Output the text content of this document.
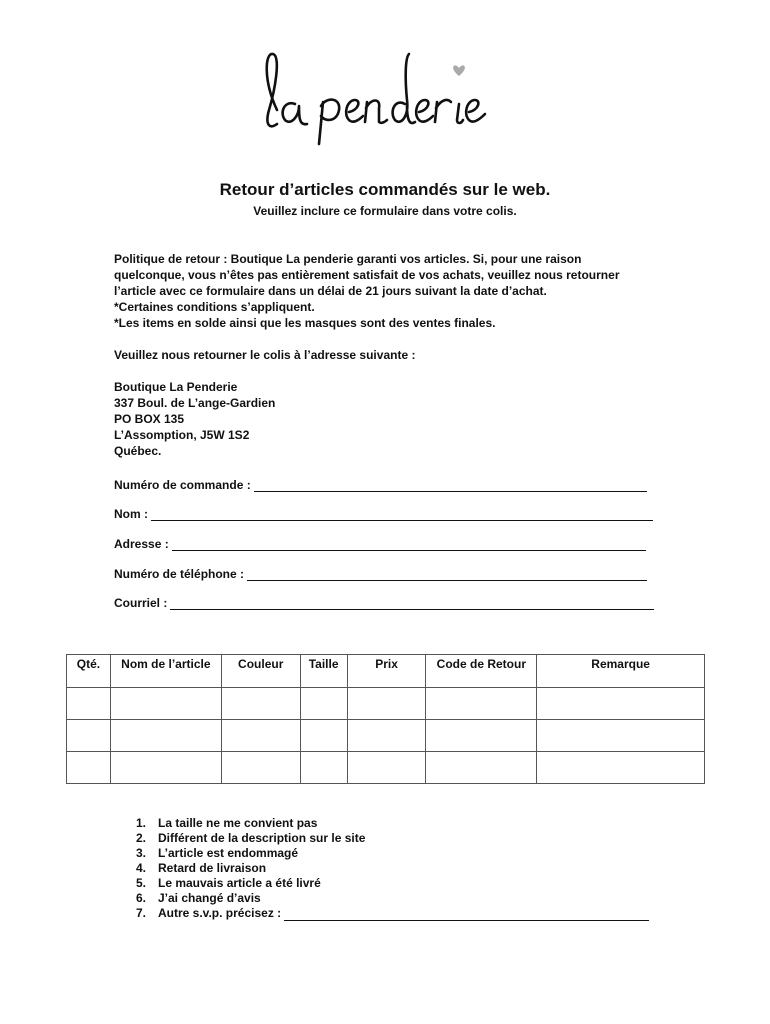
Retour d’articles commandés sur le web.
Veuillez inclure ce formulaire dans votre colis.
Politique de retour : Boutique La penderie garanti vos articles. Si, pour une raison
quelconque, vous n’êtes pas entièrement satisfait de vos achats, veuillez nous retourner
l’article avec ce formulaire dans un délai de 21 jours suivant la date d’achat.
*Certaines conditions s’appliquent.
*Les items en solde ainsi que les masques sont des ventes finales.
Veuillez nous retourner le colis à l’adresse suivante :
Boutique La Penderie
337 Boul. de L’ange-Gardien
PO BOX 135
L’Assomption, J5W 1S2
Québec.
Numéro de commande :
Nom :
Adresse :
Numéro de téléphone :
Courriel :
Qté.	Nom de l’article	Couleur	Taille	Prix	Code de Retour	Remarque

1. La taille ne me convient pas
2. Différent de la description sur le site
3. L’article est endommagé
4. Retard de livraison
5. Le mauvais article a été livré
6. J’ai changé d’avis
7. Autre s.v.p. précisez :
